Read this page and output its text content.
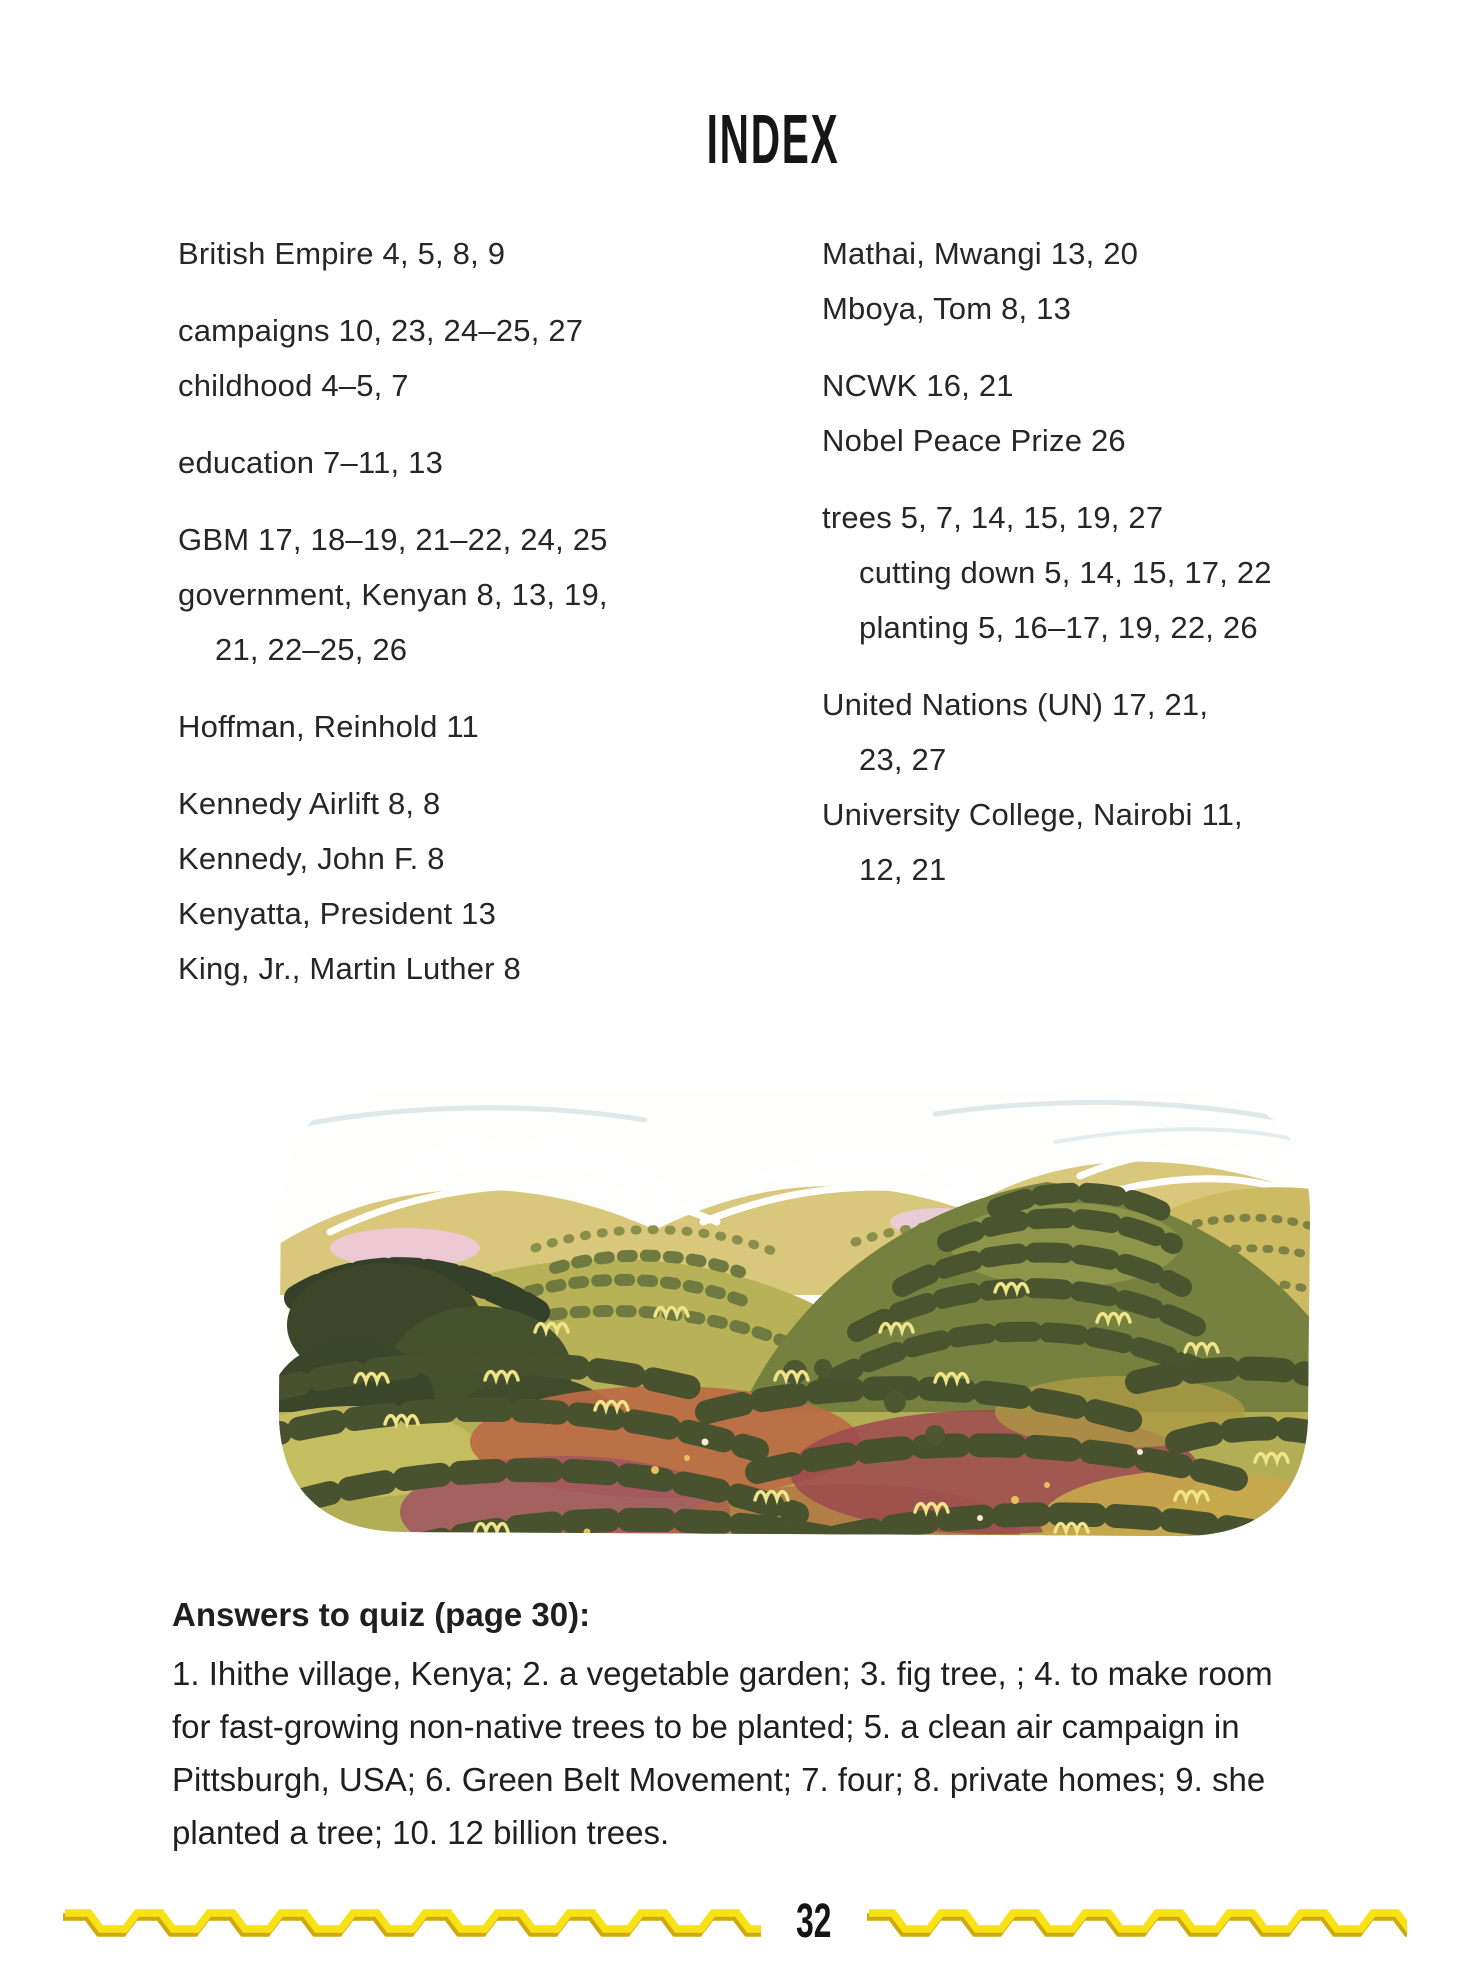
INDEX
British Empire 4, 5, 8, 9
campaigns 10, 23, 24–25, 27
childhood 4–5, 7
education 7–11, 13
GBM 17, 18–19, 21–22, 24, 25
government, Kenyan 8, 13, 19,
21, 22–25, 26
Hoffman, Reinhold 11
Kennedy Airlift 8, 8
Kennedy, John F. 8
Kenyatta, President 13
King, Jr., Martin Luther 8
Mathai, Mwangi 13, 20
Mboya, Tom 8, 13
NCWK 16, 21
Nobel Peace Prize 26
trees 5, 7, 14, 15, 19, 27
cutting down 5, 14, 15, 17, 22
planting 5, 16–17, 19, 22, 26
United Nations (UN) 17, 21,
23, 27
University College, Nairobi 11,
12, 21

Answers to quiz (page 30):

1. Ihithe village, Kenya; 2. a vegetable garden; 3. fig tree, ; 4. to make room for fast-growing non-native trees to be planted; 5. a clean air campaign in Pittsburgh, USA; 6. Green Belt Movement; 7. four; 8. private homes; 9. she planted a tree; 10. 12 billion trees.

32
